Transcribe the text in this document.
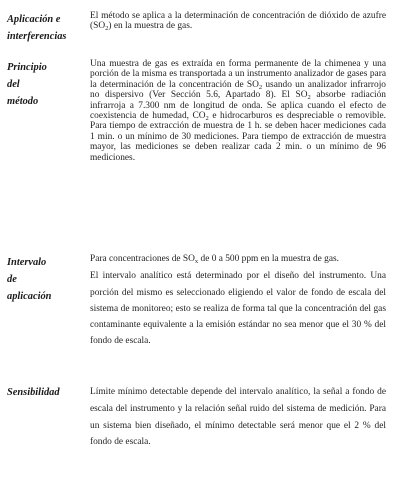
Aplicación e
interferencias

El método se aplica a la determinación de concentración de dióxido de azufre $(SO_2)$ en la muestra de gas.

Principio
del
método

Una muestra de gas es extraída en forma permanente de la chimenea y una porción de la misma es transportada a un instrumento analizador de gases para la determinación de la concentración de $SO_2$ usando un analizador infrarrojo no dispersivo (Ver Sección 5.6, Apartado 8). El $SO_2$ absorbe radiación infrarroja a 7.300 nm de longitud de onda. Se aplica cuando el efecto de coexistencia de humedad, $CO_2$ e hidrocarburos es despreciable o removible. Para tiempo de extracción de muestra de 1 h. se deben hacer mediciones cada 1 min. o un mínimo de 30 mediciones. Para tiempo de extracción de muestra mayor, las mediciones se deben realizar cada 2 min. o un mínimo de 96 mediciones.

Intervalo
de
aplicación

Para concentraciones de $SO_x$ de 0 a 500 ppm en la muestra de gas.

El intervalo analítico está determinado por el diseño del instrumento. Una porción del mismo es seleccionado eligiendo el valor de fondo de escala del sistema de monitoreo; esto se realiza de forma tal que la concentración del gas contaminante equivalente a la emisión estándar no sea menor que el 30 % del fondo de escala.

Sensibilidad	Límite mínimo detectable depende del intervalo analítico, la señal a fondo de escala del instrumento y la relación señal ruido del sistema de medición. Para un sistema bien diseñado, el mínimo detectable será menor que el 2 % del fondo de escala.
